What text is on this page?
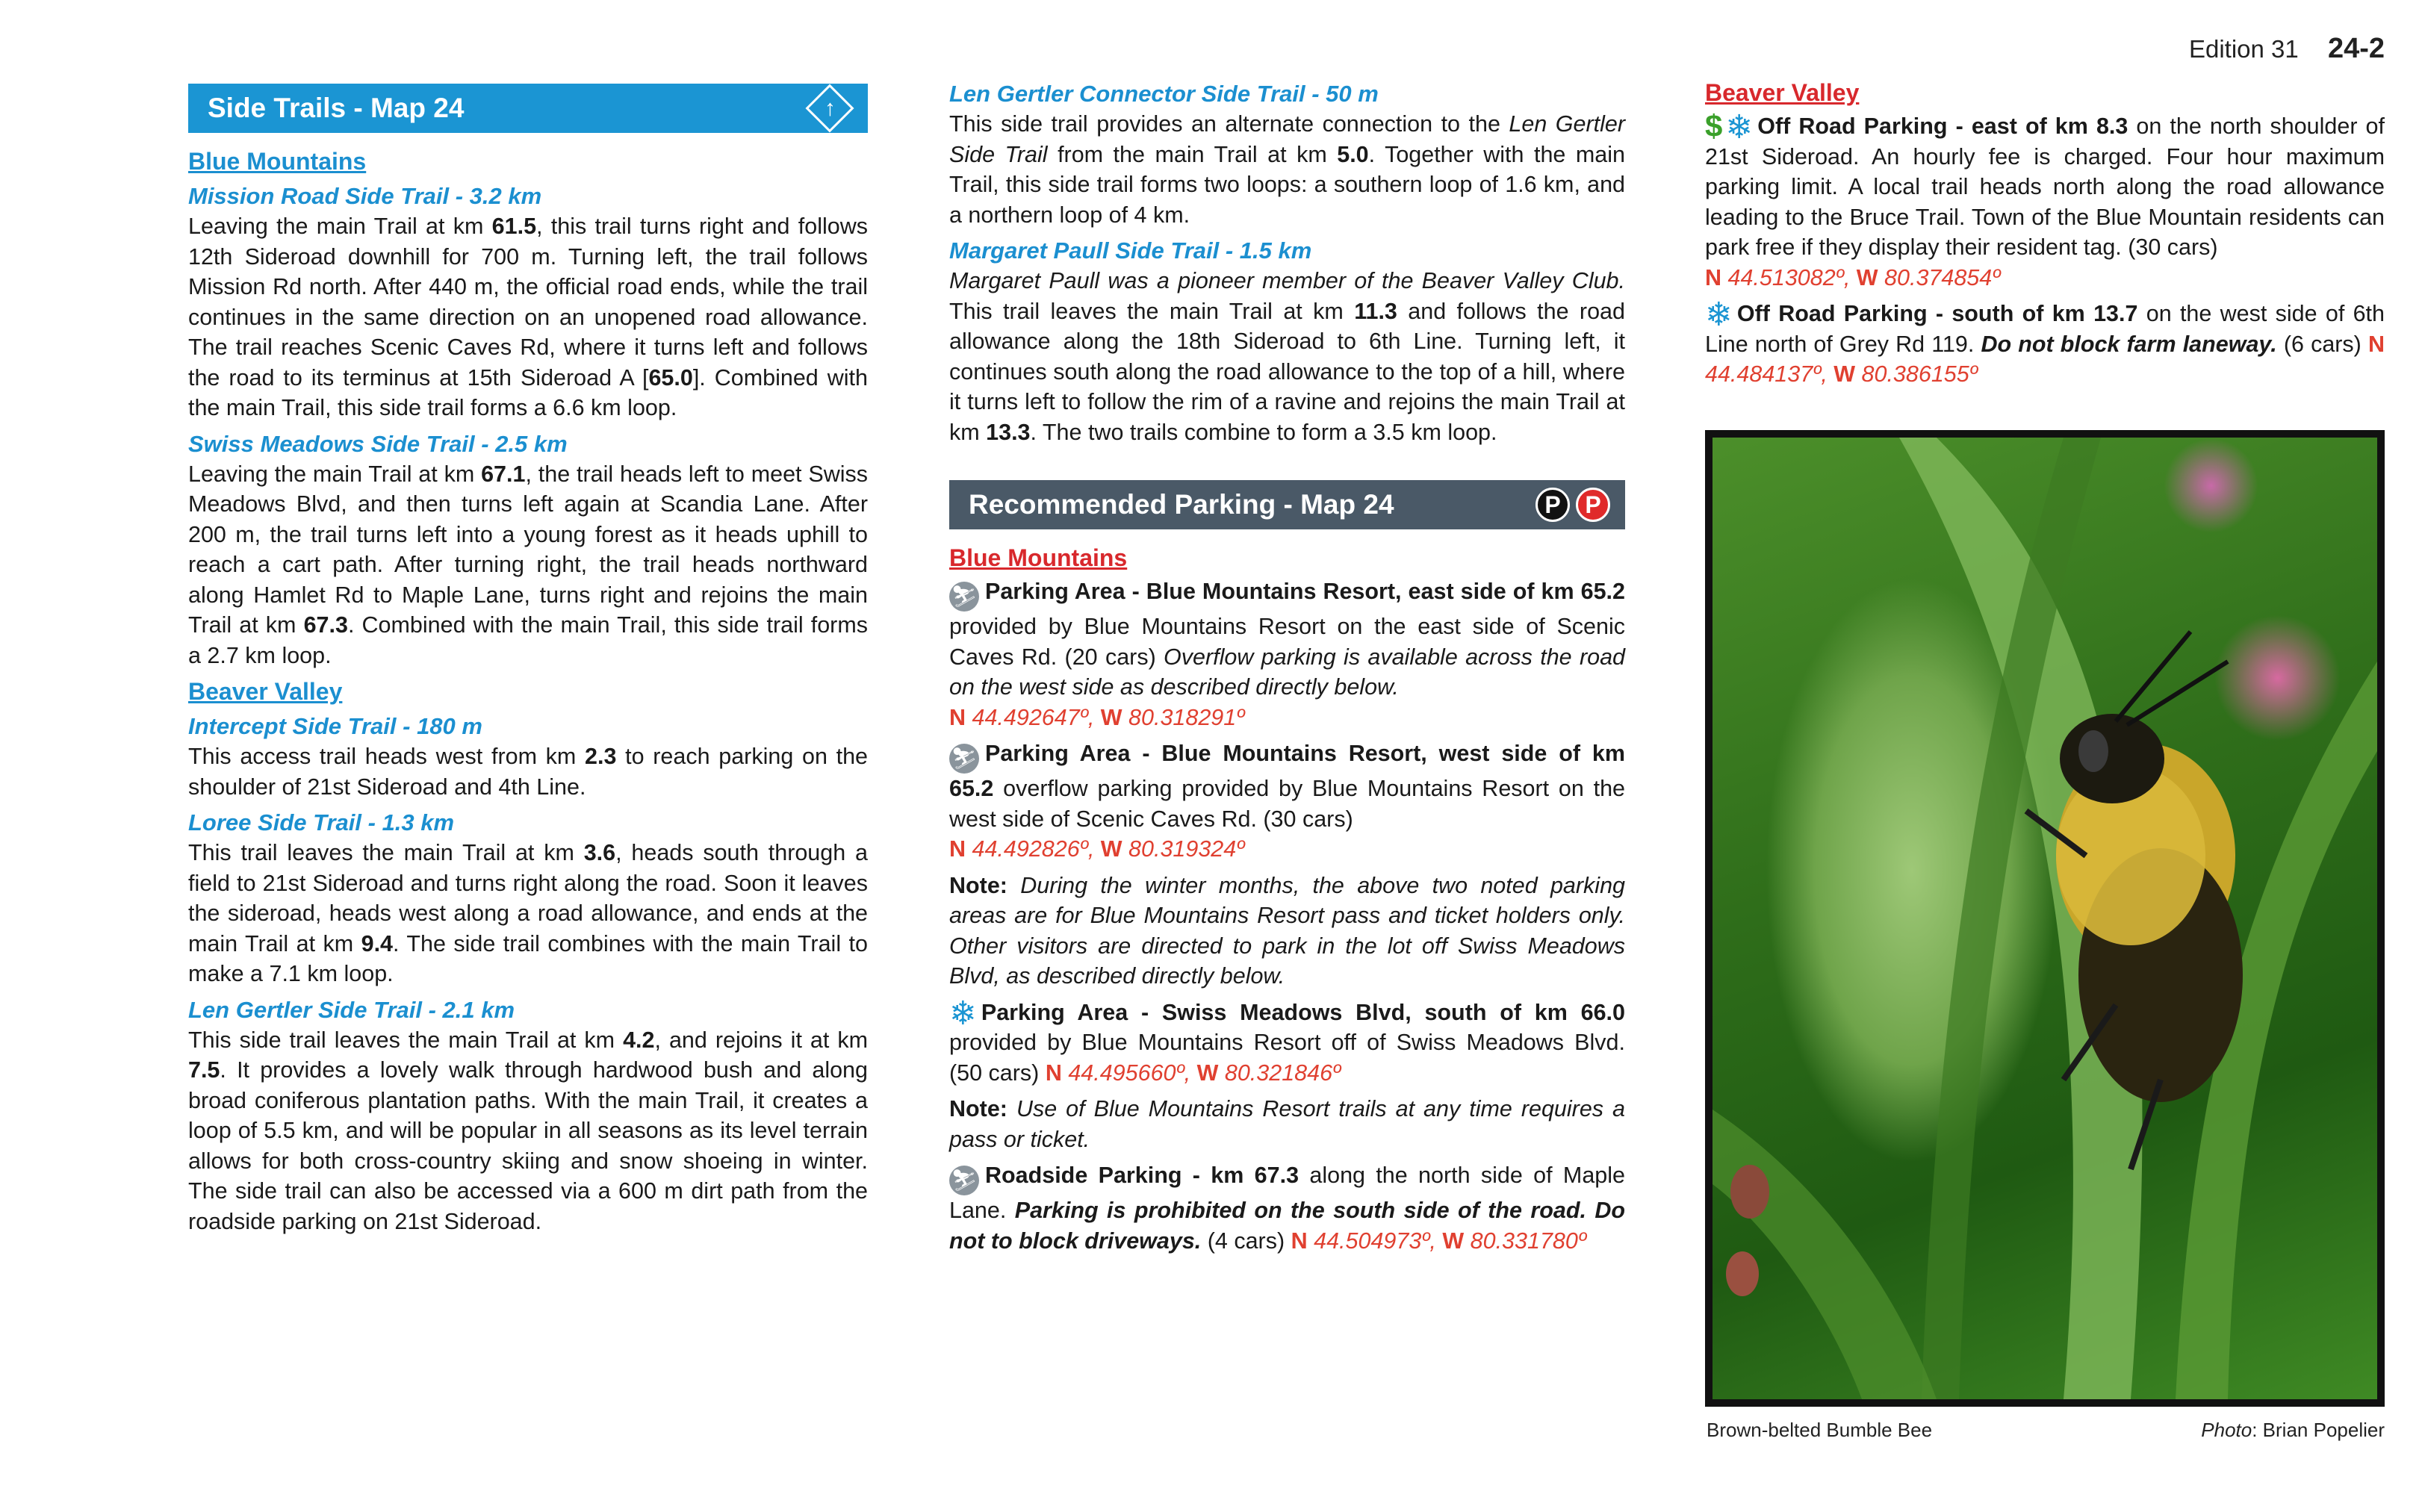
Edition 31 24-2
Side Trails - Map 24	↑
Blue Mountains
Mission Road Side Trail - 3.2 km

Leaving the main Trail at km 61.5, this trail turns right and follows 12th Sideroad downhill for 700 m. Turning left, the trail follows Mission Rd north. After 440 m, the official road ends, while the trail continues in the same direction on an unopened road allowance. The trail reaches Scenic Caves Rd, where it turns left and follows the road to its terminus at 15th Sideroad A [65.0]. Combined with the main Trail, this side trail forms a 6.6 km loop.

Swiss Meadows Side Trail - 2.5 km

Leaving the main Trail at km 67.1, the trail heads left to meet Swiss Meadows Blvd, and then turns left again at Scandia Lane. After 200 m, the trail turns left into a young forest as it heads uphill to reach a cart path. After turning right, the trail heads northward along Hamlet Rd to Maple Lane, turns right and rejoins the main Trail at km 67.3. Combined with the main Trail, this side trail forms a 2.7 km loop.

Beaver Valley
Intercept Side Trail - 180 m

This access trail heads west from km 2.3 to reach parking on the shoulder of 21st Sideroad and 4th Line.

Loree Side Trail - 1.3 km

This trail leaves the main Trail at km 3.6, heads south through a field to 21st Sideroad and turns right along the road. Soon it leaves the sideroad, heads west along a road allowance, and ends at the main Trail at km 9.4. The side trail combines with the main Trail to make a 7.1 km loop.

Len Gertler Side Trail - 2.1 km

This side trail leaves the main Trail at km 4.2, and rejoins it at km 7.5. It provides a lovely walk through hardwood bush and along broad coniferous plantation paths. With the main Trail, it creates a loop of 5.5 km, and will be popular in all seasons as its level terrain allows for both cross-country skiing and snow shoeing in winter. The side trail can also be accessed via a 600 m dirt path from the roadside parking on 21st Sideroad.

Len Gertler Connector Side Trail - 50 m

This side trail provides an alternate connection to the Len Gertler Side Trail from the main Trail at km 5.0. Together with the main Trail, this side trail forms two loops: a southern loop of 1.6 km, and a northern loop of 4 km.

Margaret Paull Side Trail - 1.5 km

Margaret Paull was a pioneer member of the Beaver Valley Club. This trail leaves the main Trail at km 11.3 and follows the road allowance along the 18th Sideroad to 6th Line. Turning left, it continues south along the road allowance to the top of a hill, where it turns left to follow the rim of a ravine and rejoins the main Trail at km 13.3. The two trails combine to form a 3.5 km loop.

Recommended Parking - Map 24	P	P
Blue Mountains

⛷ Parking Area - Blue Mountains Resort, east side of km 65.2 provided by Blue Mountains Resort on the east side of Scenic Caves Rd. (20 cars) Overflow parking is available across the road on the west side as described directly below.
N 44.492647º, W 80.318291º

⛷ Parking Area - Blue Mountains Resort, west side of km 65.2 overflow parking provided by Blue Mountains Resort on the west side of Scenic Caves Rd. (30 cars)
N 44.492826º, W 80.319324º

Note: During the winter months, the above two noted parking areas are for Blue Mountains Resort pass and ticket holders only. Other visitors are directed to park in the lot off Swiss Meadows Blvd, as described directly below.

❄ Parking Area - Swiss Meadows Blvd, south of km 66.0 provided by Blue Mountains Resort off of Swiss Meadows Blvd. (50 cars) N 44.495660º, W 80.321846º

Note: Use of Blue Mountains Resort trails at any time requires a pass or ticket.

⛷ Roadside Parking - km 67.3 along the north side of Maple Lane. Parking is prohibited on the south side of the road. Do not to block driveways. (4 cars) N 44.504973º, W 80.331780º

Beaver Valley

$❄ Off Road Parking - east of km 8.3 on the north shoulder of 21st Sideroad. An hourly fee is charged. Four hour maximum parking limit. A local trail heads north along the road allowance leading to the Bruce Trail. Town of the Blue Mountain residents can park free if they display their resident tag. (30 cars)
N 44.513082º, W 80.374854º

❄ Off Road Parking - south of km 13.7 on the west side of 6th Line north of Grey Rd 119. Do not block farm laneway. (6 cars) N 44.484137º, W 80.386155º

Brown-belted Bumble Bee	Photo: Brian Popelier
